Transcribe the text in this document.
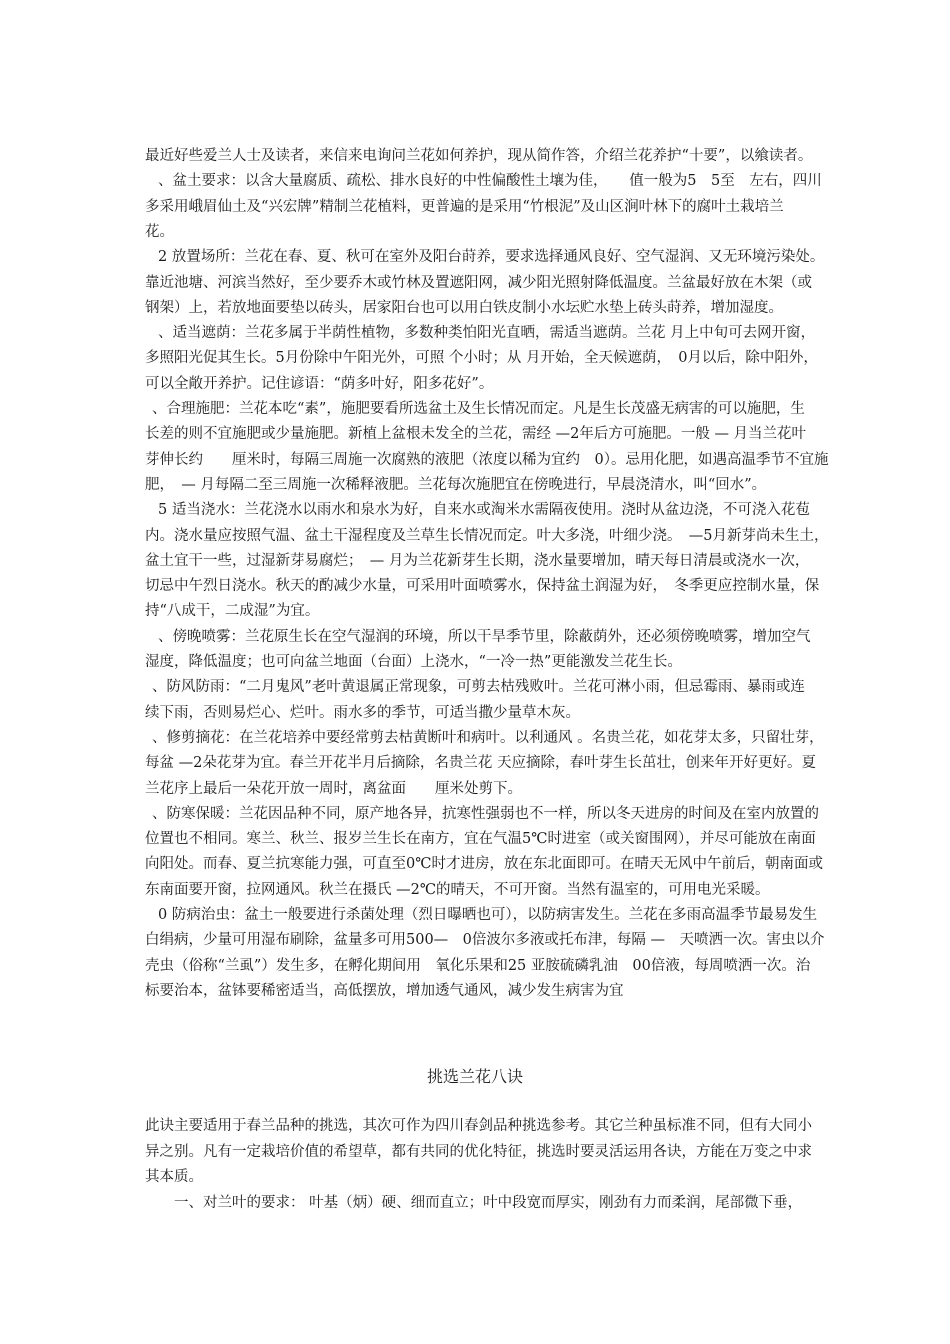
最近好些爱兰人士及读者，来信来电询问兰花如何养护，现从简作答，介绍兰花养护“十要”，以飨读者。
、盆土要求：以含大量腐质、疏松、排水良好的中性偏酸性土壤为佳，　　值一般为5　5至　左右，四川
多采用峨眉仙土及“兴宏牌”精制兰花植料，更普遍的是采用“竹根泥”及山区涧叶林下的腐叶土栽培兰
花。
2 放置场所：兰花在春、夏、秋可在室外及阳台莳养，要求选择通风良好、空气湿润、又无环境污染处。
靠近池塘、河滨当然好，至少要乔木或竹林及置遮阳网，减少阳光照射降低温度。兰盆最好放在木架（或
钢架）上，若放地面要垫以砖头，居家阳台也可以用白铁皮制小水坛贮水垫上砖头莳养，增加湿度。
、适当遮荫：兰花多属于半荫性植物，多数种类怕阳光直晒，需适当遮荫。兰花 月上中旬可去网开窗，
多照阳光促其生长。5月份除中午阳光外，可照 个小时；从 月开始，全天候遮荫，　0月以后，除中阳外，
可以全敞开养护。记住谚语：“荫多叶好，阳多花好”。
、合理施肥：兰花本吃“素”，施肥要看所选盆土及生长情况而定。凡是生长茂盛无病害的可以施肥，生
长差的则不宜施肥或少量施肥。新植上盆根未发全的兰花，需经 —2年后方可施肥。一般 — 月当兰花叶
芽伸长约　　厘米时，每隔三周施一次腐熟的液肥（浓度以稀为宜约　0）。忌用化肥，如遇高温季节不宜施
肥，　— 月每隔二至三周施一次稀释液肥。兰花每次施肥宜在傍晚进行，早晨浇清水，叫“回水”。
5 适当浇水：兰花浇水以雨水和泉水为好，自来水或淘米水需隔夜使用。浇时从盆边浇，不可浇入花苞
内。浇水量应按照气温、盆土干湿程度及兰草生长情况而定。叶大多浇，叶细少浇。　—5月新芽尚未生土，
盆土宜干一些，过湿新芽易腐烂；　— 月为兰花新芽生长期，浇水量要增加，晴天每日清晨或浇水一次，
切忌中午烈日浇水。秋天的酌减少水量，可采用叶面喷雾水，保持盆土润湿为好，　冬季更应控制水量，保
持“八成干，二成湿”为宜。
、傍晚喷雾：兰花原生长在空气湿润的环境，所以干旱季节里，除蔽荫外，还必须傍晚喷雾，增加空气
湿度，降低温度；也可向盆兰地面（台面）上浇水，“一冷一热”更能激发兰花生长。
、防风防雨：“二月鬼风”老叶黄退属正常现象，可剪去枯残败叶。兰花可淋小雨，但忌霉雨、暴雨或连
续下雨，否则易烂心、烂叶。雨水多的季节，可适当撒少量草木灰。
、修剪摘花：在兰花培养中要经常剪去枯黄断叶和病叶。以利通风 。名贵兰花，如花芽太多，只留壮芽，
每盆 —2朵花芽为宜。春兰开花半月后摘除，名贵兰花 天应摘除，春叶芽生长茁壮，创来年开好更好。夏
兰花序上最后一朵花开放一周时，离盆面　　厘米处剪下。
、防寒保暖：兰花因品种不同，原产地各异，抗寒性强弱也不一样，所以冬天进房的时间及在室内放置的
位置也不相同。寒兰、秋兰、报岁兰生长在南方，宜在气温5℃时进室（或关窗围网），并尽可能放在南面
向阳处。而春、夏兰抗寒能力强，可直至0℃时才进房，放在东北面即可。在晴天无风中午前后，朝南面或
东南面要开窗，拉网通风。秋兰在摄氏 —2℃的晴天，不可开窗。当然有温室的，可用电光采暖。
0 防病治虫：盆土一般要进行杀菌处理（烈日曝晒也可），以防病害发生。兰花在多雨高温季节最易发生
白绢病，少量可用湿布刷除，盆量多可用500—　0倍波尔多液或托布津，每隔 —　天喷洒一次。害虫以介
壳虫（俗称“兰虱”）发生多，在孵化期间用　氧化乐果和25 亚胺硫磷乳油　00倍液，每周喷洒一次。治
标要治本，盆钵要稀密适当，高低摆放，增加透气通风，减少发生病害为宜
挑选兰花八诀
此诀主要适用于春兰品种的挑选，其次可作为四川春剑品种挑选参考。其它兰种虽标准不同，但有大同小
异之别。凡有一定栽培价值的希望草，都有共同的优化特征，挑选时要灵活运用各诀，方能在万变之中求
其本质。
　　一、对兰叶的要求： 叶基（炳）硬、细而直立；叶中段宽而厚实，刚劲有力而柔润，尾部微下垂，
